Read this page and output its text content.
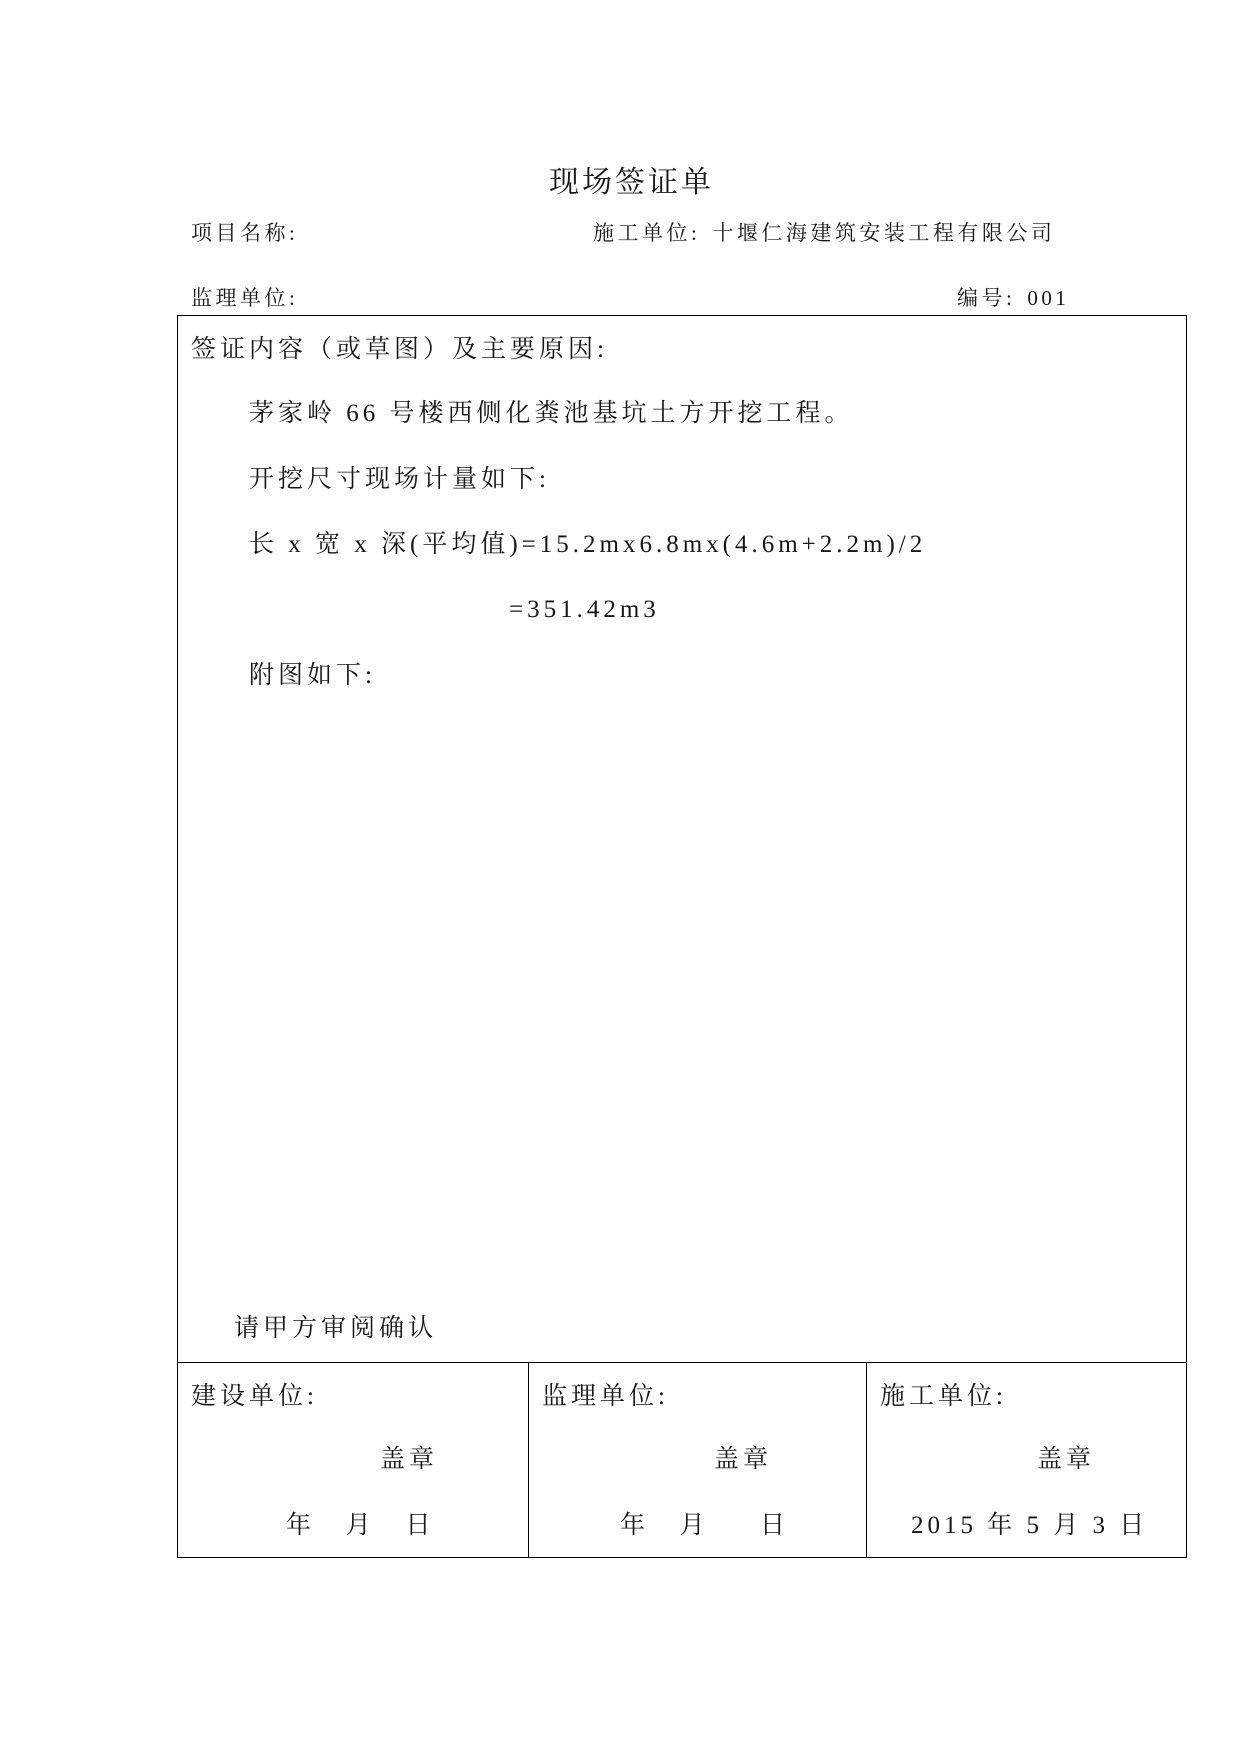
现场签证单
项目名称:	施工单位: 十堰仁海建筑安装工程有限公司
监理单位:	编号: 001
签证内容（或草图）及主要原因:
茅家岭 66 号楼西侧化粪池基坑土方开挖工程。
开挖尺寸现场计量如下:
长 x 宽 x 深(平均值)=15.2mx6.8mx(4.6m+2.2m)/2
=351.42m3
附图如下:
请甲方审阅确认
建设单位:
盖章
年   月   日
监理单位:
盖章
年   月     日
施工单位:
盖章
2015 年 5 月 3 日
